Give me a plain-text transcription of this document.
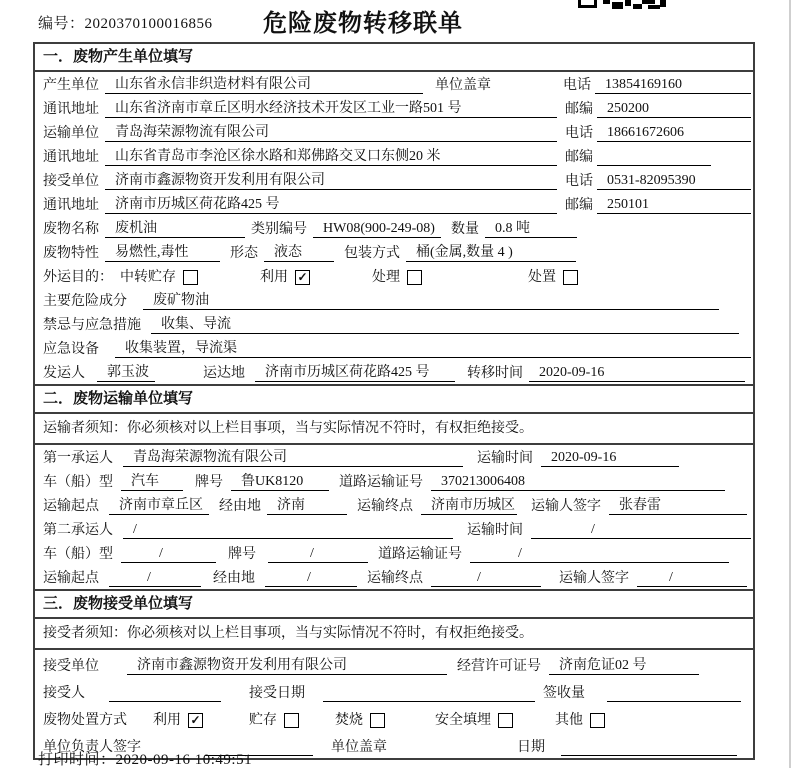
编号：2020370100016856	危险废物转移联单
一．废物产生单位填写
产生单位	山东省永信非织造材料有限公司	单位盖章	电话	13854169160
通讯地址	山东省济南市章丘区明水经济技术开发区工业一路501 号	邮编	250200
运输单位	青岛海荣源物流有限公司	电话	18661672606
通讯地址	山东省青岛市李沧区徐水路和郑佛路交叉口东侧20 米	邮编
接受单位	济南市鑫源物资开发利用有限公司	电话	0531-82095390
通讯地址	济南市历城区荷花路425 号	邮编	250101
废物名称	废机油	类别编号	HW08(900-249-08)	数量	0.8 吨
废物特性	易燃性,毒性	形态	液态	包装方式	桶(金属,数量 4 )
外运目的： 中转贮存	利用 ✓	处理	处置
主要危险成分	废矿物油
禁忌与应急措施	收集、导流
应急设备	收集装置，导流渠
发运人	郭玉波	运达地	济南市历城区荷花路425 号	转移时间	2020-09-16
二．废物运输单位填写
运输者须知：你必须核对以上栏目事项，当与实际情况不符时，有权拒绝接受。
第一承运人	青岛海荣源物流有限公司	运输时间	2020-09-16
车（船）型	汽车	牌号	鲁UK8120	道路运输证号	370213006408
运输起点	济南市章丘区	经由地	济南	运输终点	济南市历城区 运输人签字	张春雷
第二承运人	/	运输时间	/
车（船）型	/	牌号	/	道路运输证号	/
运输起点	/	经由地	/	运输终点	/	运输人签字	/
三．废物接受单位填写
接受者须知：你必须核对以上栏目事项，当与实际情况不符时，有权拒绝接受。
接受单位	济南市鑫源物资开发利用有限公司	经营许可证号	济南危证02 号
接受人	接受日期	签收量
废物处置方式 利用 ✓	贮存	焚烧	安全填埋	其他
单位负责人签字	单位盖章	日期
打印时间：2020-09-16 10:49:51
